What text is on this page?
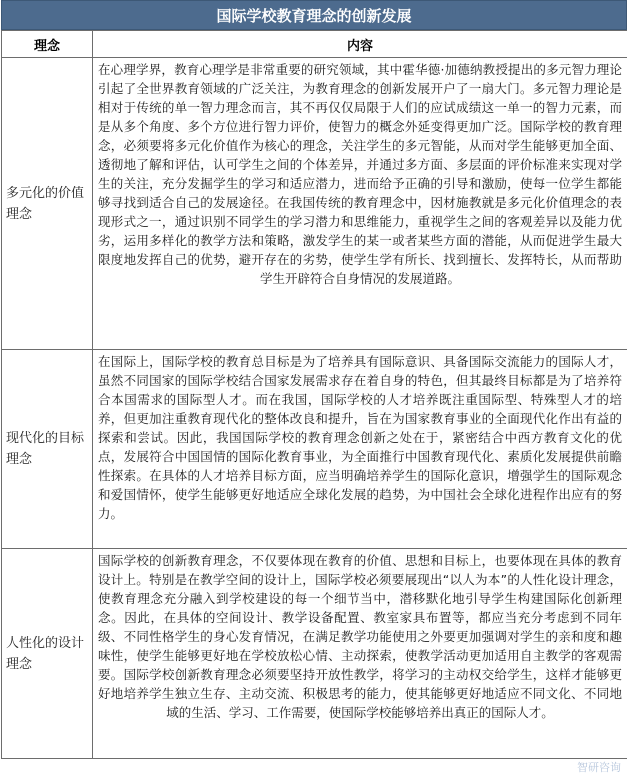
国际学校教育理念的创新发展
理念	内容
多元化的价值理念	在心理学界，教育心理学是非常重要的研究领域，其中霍华德·加德纳教授提出的多元智力理论引起了全世界教育领域的广泛关注，为教育理念的创新发展开户了一扇大门。多元智力理论是相对于传统的单一智力理念而言，其不再仅仅局限于人们的应试成绩这一单一的智力元素，而是从多个角度、多个方位进行智力评价，使智力的概念外延变得更加广泛。国际学校的教育理念，必须要将多元化价值作为核心的理念，关注学生的多元智能，从而对学生能够更加全面、透彻地了解和评估，认可学生之间的个体差异，并通过多方面、多层面的评价标准来实现对学生的关注，充分发掘学生的学习和适应潜力，进而给予正确的引导和激励，使每一位学生都能够寻找到适合自己的发展途径。在我国传统的教育理念中，因材施教就是多元化价值理念的表现形式之一，通过识别不同学生的学习潜力和思维能力，重视学生之间的客观差异以及能力优劣，运用多样化的教学方法和策略，激发学生的某一或者某些方面的潜能，从而促进学生最大限度地发挥自己的优势，避开存在的劣势，使学生学有所长、找到擅长、发挥特长，从而帮助学生开辟符合自身情况的发展道路。
现代化的目标理念	在国际上，国际学校的教育总目标是为了培养具有国际意识、具备国际交流能力的国际人才，虽然不同国家的国际学校结合国家发展需求存在着自身的特色，但其最终目标都是为了培养符合本国需求的国际型人才。而在我国，国际学校的人才培养既注重国际型、特殊型人才的培养，但更加注重教育现代化的整体改良和提升，旨在为国家教育事业的全面现代化作出有益的探索和尝试。因此，我国国际学校的教育理念创新之处在于，紧密结合中西方教育文化的优点，发展符合中国国情的国际化教育事业，为全面推行中国教育现代化、素质化发展提供前瞻性探索。在具体的人才培养目标方面，应当明确培养学生的国际化意识，增强学生的国际观念和爱国情怀，使学生能够更好地适应全球化发展的趋势，为中国社会全球化进程作出应有的努力。
人性化的设计理念	国际学校的创新教育理念，不仅要体现在教育的价值、思想和目标上，也要体现在具体的教育设计上。特别是在教学空间的设计上，国际学校必须要展现出“以人为本”的人性化设计理念，使教育理念充分融入到学校建设的每一个细节当中，潜移默化地引导学生构建国际化创新理念。因此，在具体的空间设计、教学设备配置、教室家具布置等，都应当充分考虑到不同年级、不同性格学生的身心发育情况，在满足教学功能使用之外要更加强调对学生的亲和度和趣味性，使学生能够更好地在学校放松心情、主动探索，使教学活动更加适用自主教学的客观需要。国际学校创新教育理念必须要坚持开放性教学，将学习的主动权交给学生，这样才能够更好地培养学生独立生存、主动交流、积极思考的能力，使其能够更好地适应不同文化、不同地域的生活、学习、工作需要，使国际学校能够培养出真正的国际人才。
智研咨询
